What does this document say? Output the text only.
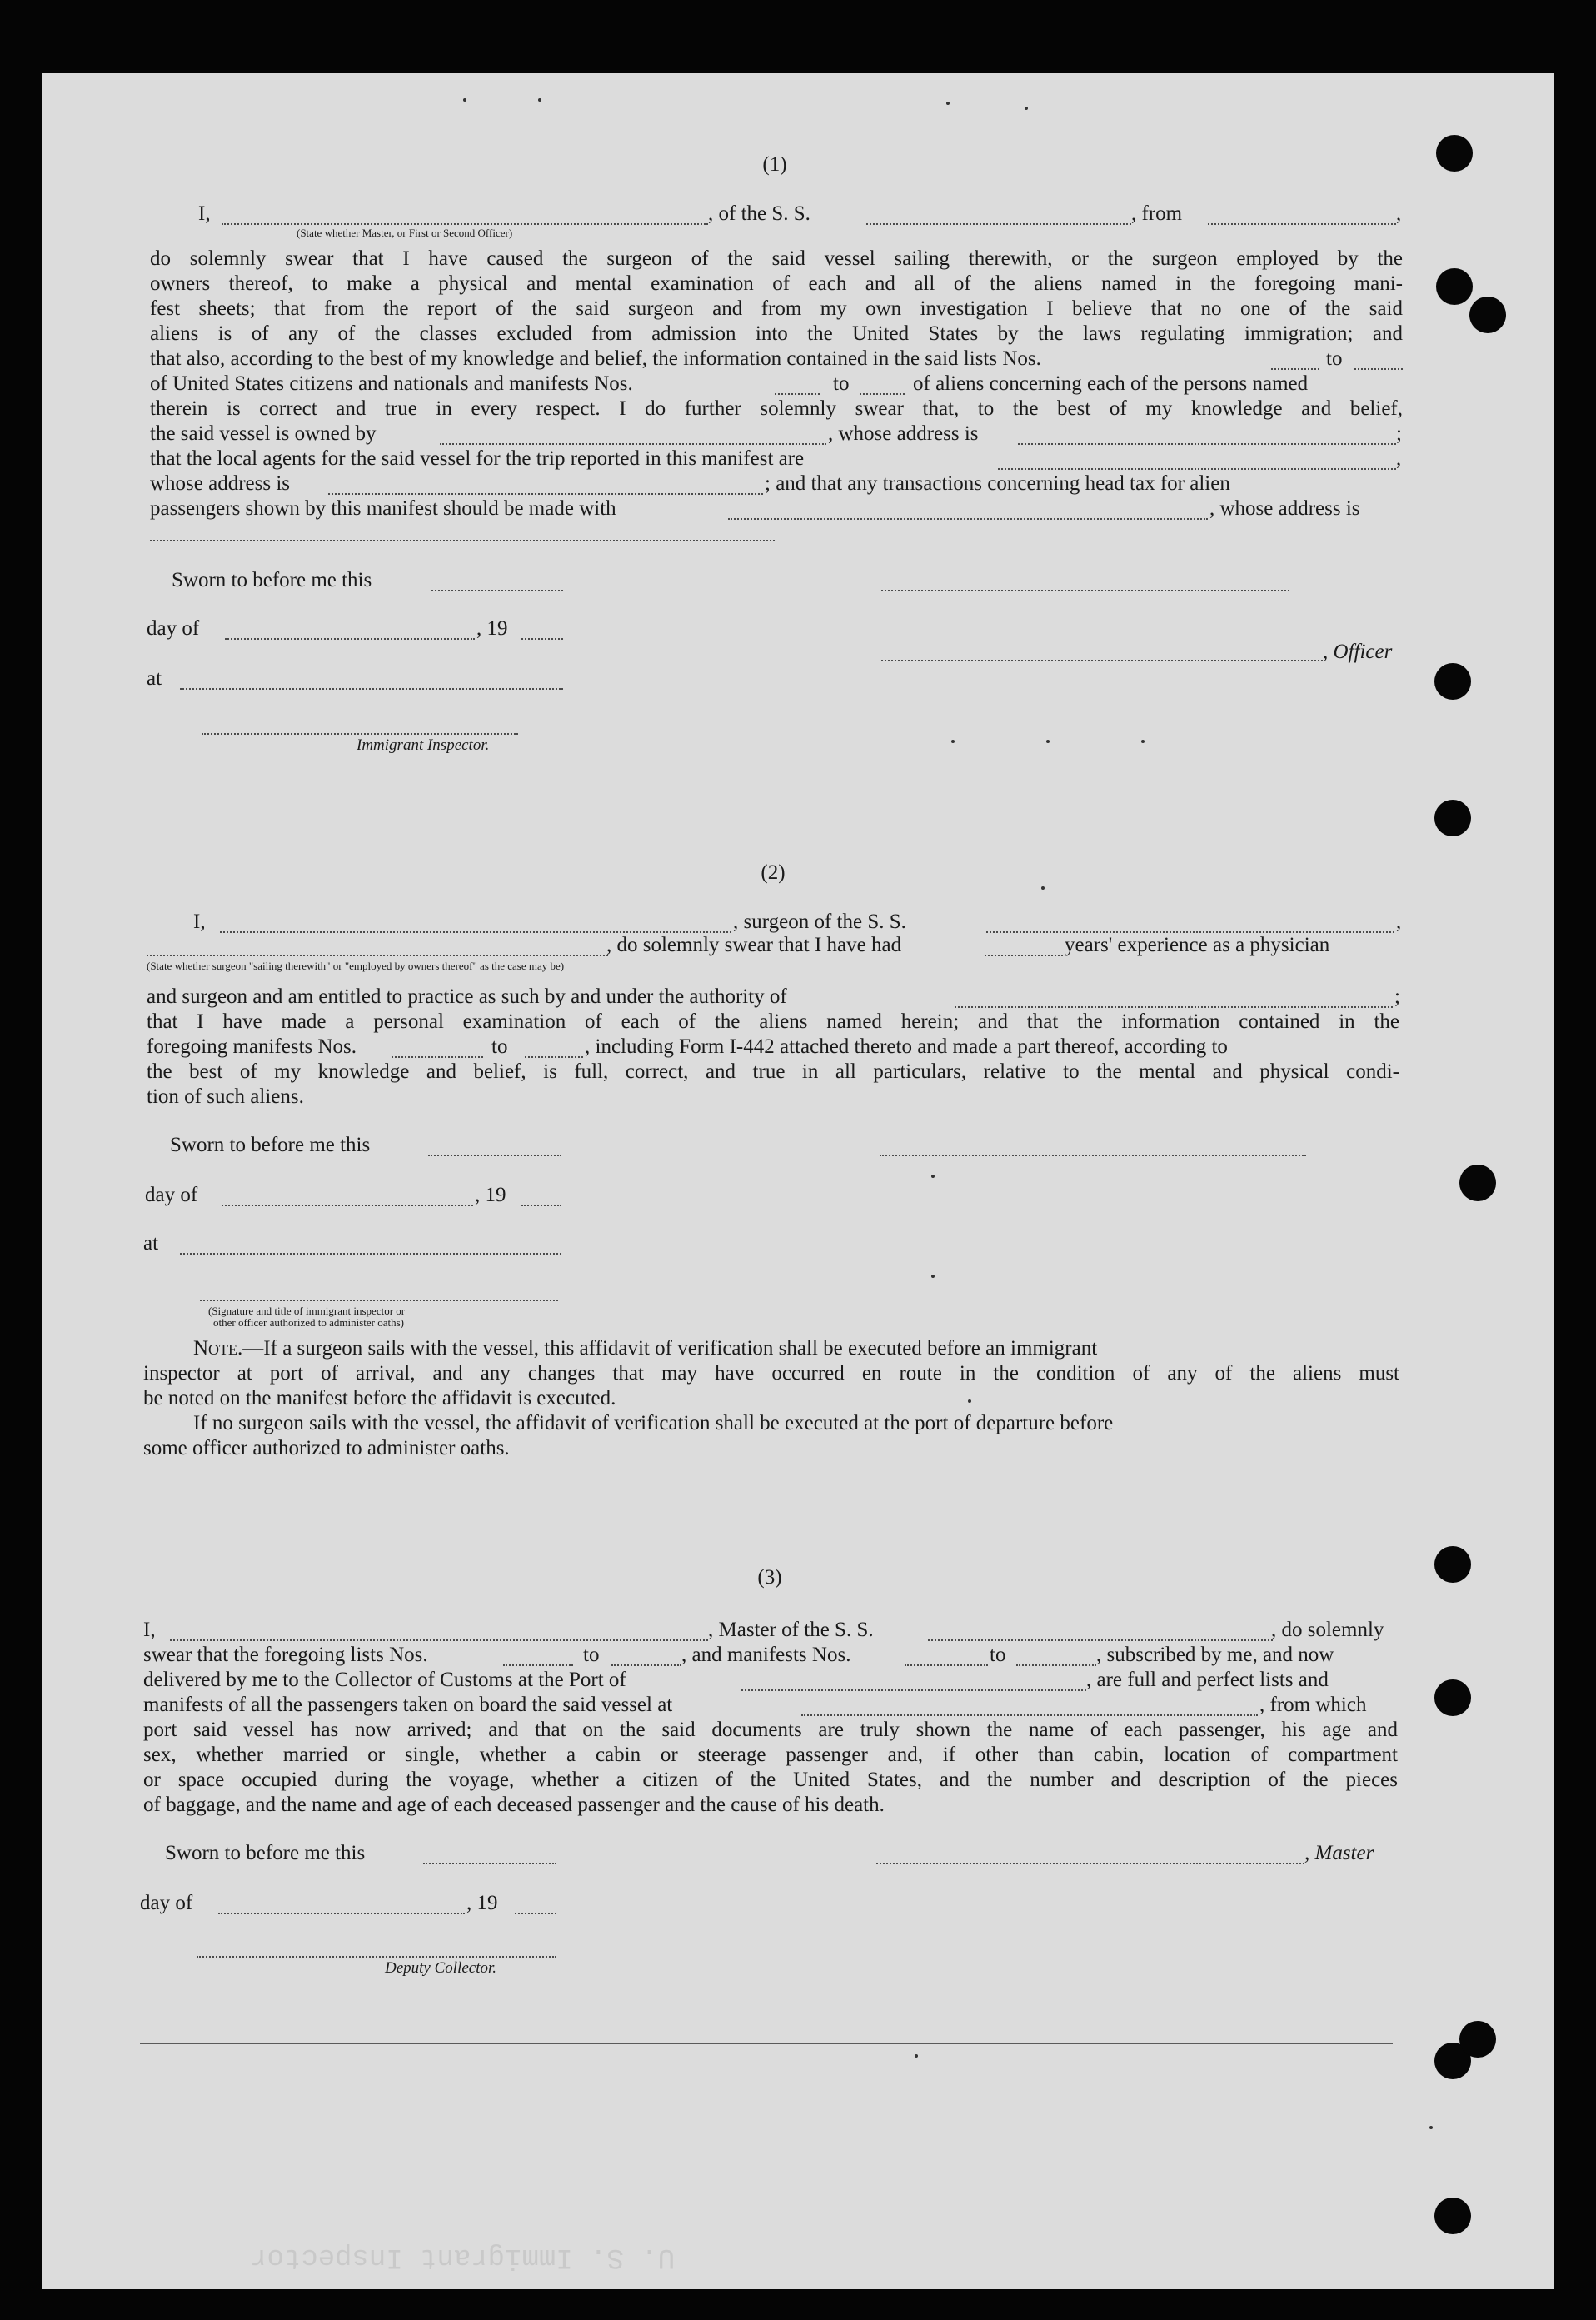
U. S. Immigrant Inspector
(1)
I,	, of the S. S.	, from	,
(State whether Master, or First or Second Officer)
do solemnly swear that I have caused the surgeon of the said vessel sailing therewith, or the surgeon employed by the
owners thereof, to make a physical and mental examination of each and all of the aliens named in the foregoing mani-
fest sheets; that from the report of the said surgeon and from my own investigation I believe that no one of the said
aliens is of any of the classes excluded from admission into the United States by the laws regulating immigration; and
that also, according to the best of my knowledge and belief, the information contained in the said lists Nos.	to
of United States citizens and nationals and manifests Nos.	to	of aliens concerning each of the persons named
therein is correct and true in every respect. I do further solemnly swear that, to the best of my knowledge and belief,
the said vessel is owned by	, whose address is	;
that the local agents for the said vessel for the trip reported in this manifest are	,
whose address is	; and that any transactions concerning head tax for alien
passengers shown by this manifest should be made with	, whose address is
Sworn to before me this
day of	, 19
, Officer
at
Immigrant Inspector.
(2)
I,	, surgeon of the S. S.	,
, do solemnly swear that I have had	years' experience as a physician
(State whether surgeon "sailing therewith" or "employed by owners thereof" as the case may be)
and surgeon and am entitled to practice as such by and under the authority of	;
that I have made a personal examination of each of the aliens named herein; and that the information contained in the
foregoing manifests Nos.	to	, including Form I-442 attached thereto and made a part thereof, according to
the best of my knowledge and belief, is full, correct, and true in all particulars, relative to the mental and physical condi-
tion of such aliens.
Sworn to before me this
day of	, 19
at
(Signature and title of immigrant inspector or
other officer authorized to administer oaths)
Note.—If a surgeon sails with the vessel, this affidavit of verification shall be executed before an immigrant
inspector at port of arrival, and any changes that may have occurred en route in the condition of any of the aliens must
be noted on the manifest before the affidavit is executed.
If no surgeon sails with the vessel, the affidavit of verification shall be executed at the port of departure before
some officer authorized to administer oaths.
(3)
I,	, Master of the S. S.	, do solemnly
swear that the foregoing lists Nos.	to	, and manifests Nos.	to	, subscribed by me, and now
delivered by me to the Collector of Customs at the Port of	, are full and perfect lists and
manifests of all the passengers taken on board the said vessel at	, from which
port said vessel has now arrived; and that on the said documents are truly shown the name of each passenger, his age and
sex, whether married or single, whether a cabin or steerage passenger and, if other than cabin, location of compartment
or space occupied during the voyage, whether a citizen of the United States, and the number and description of the pieces
of baggage, and the name and age of each deceased passenger and the cause of his death.
Sworn to before me this	, Master
day of	, 19
Deputy Collector.
